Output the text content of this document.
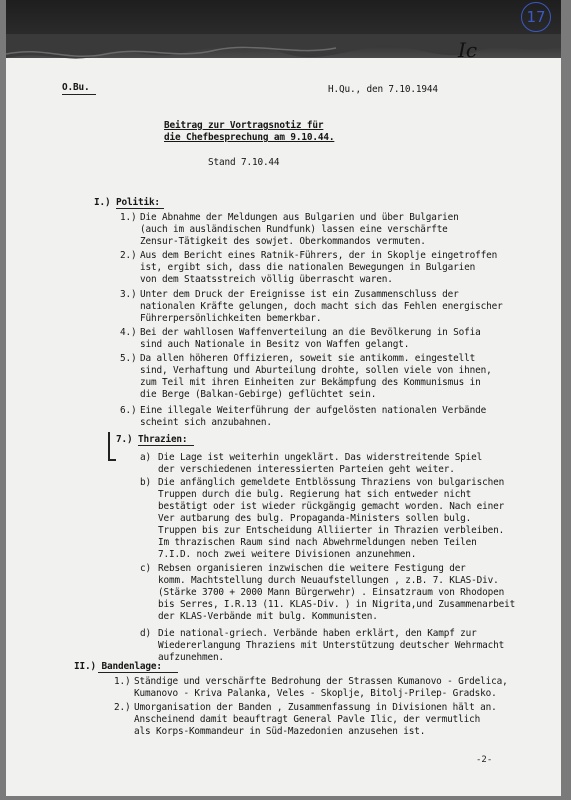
Ic
17
O.Bu.	H.Qu., den 7.10.1944
Beitrag zur Vortragsnotiz für
die Chefbesprechung am 9.10.44.
Stand 7.10.44
I.) Politik:
1.) Die Abnahme der Meldungen aus Bulgarien und über Bulgarien
(auch im ausländischen Rundfunk) lassen eine verschärfte
Zensur-Tätigkeit des sowjet. Oberkommandos vermuten.
2.) Aus dem Bericht eines Ratnik-Führers, der in Skoplje eingetroffen
ist, ergibt sich, dass die nationalen Bewegungen in Bulgarien
von dem Staatsstreich völlig überrascht waren.
3.) Unter dem Druck der Ereignisse ist ein Zusammenschluss der
nationalen Kräfte gelungen, doch macht sich das Fehlen energischer
Führerpersönlichkeiten bemerkbar.
4.) Bei der wahllosen Waffenverteilung an die Bevölkerung in Sofia
sind auch Nationale in Besitz von Waffen gelangt.
5.) Da allen höheren Offizieren, soweit sie antikomm. eingestellt
sind, Verhaftung und Aburteilung drohte, sollen viele von ihnen,
zum Teil mit ihren Einheiten zur Bekämpfung des Kommunismus in
die Berge (Balkan-Gebirge) geflüchtet sein.
6.) Eine illegale Weiterführung der aufgelösten nationalen Verbände
scheint sich anzubahnen.
7.) Thrazien:
a) Die Lage ist weiterhin ungeklärt. Das widerstreitende Spiel
der verschiedenen interessierten Parteien geht weiter.
b) Die anfänglich gemeldete Entblössung Thraziens von bulgarischen
Truppen durch die bulg. Regierung hat sich entweder nicht
bestätigt oder ist wieder rückgängig gemacht worden. Nach einer
Ver autbarung des bulg. Propaganda-Ministers sollen bulg.
Truppen bis zur Entscheidung Alliierter in Thrazien verbleiben.
Im thrazischen Raum sind nach Abwehrmeldungen neben Teilen
7.I.D. noch zwei weitere Divisionen anzunehmen.
c) Rebsen organisieren inzwischen die weitere Festigung der
komm. Machtstellung durch Neuaufstellungen , z.B. 7. KLAS-Div.
(Stärke 3700 + 2000 Mann Bürgerwehr) . Einsatzraum von Rhodopen
bis Serres, I.R.13 (11. KLAS-Div. ) in Nigrita,und Zusammenarbeit
der KLAS-Verbände mit bulg. Kommunisten.
d) Die national-griech. Verbände haben erklärt, den Kampf zur
Wiedererlangung Thraziens mit Unterstützung deutscher Wehrmacht
aufzunehmen.
II.) Bandenlage:
1.) Ständige und verschärfte Bedrohung der Strassen Kumanovo - Grdelica,
Kumanovo - Kriva Palanka, Veles - Skoplje, Bitolj-Prilep- Gradsko.
2.) Umorganisation der Banden , Zusammenfassung in Divisionen hält an.
Anscheinend damit beauftragt General Pavle Ilic, der vermutlich
als Korps-Kommandeur in Süd-Mazedonien anzusehen ist.
-2-
